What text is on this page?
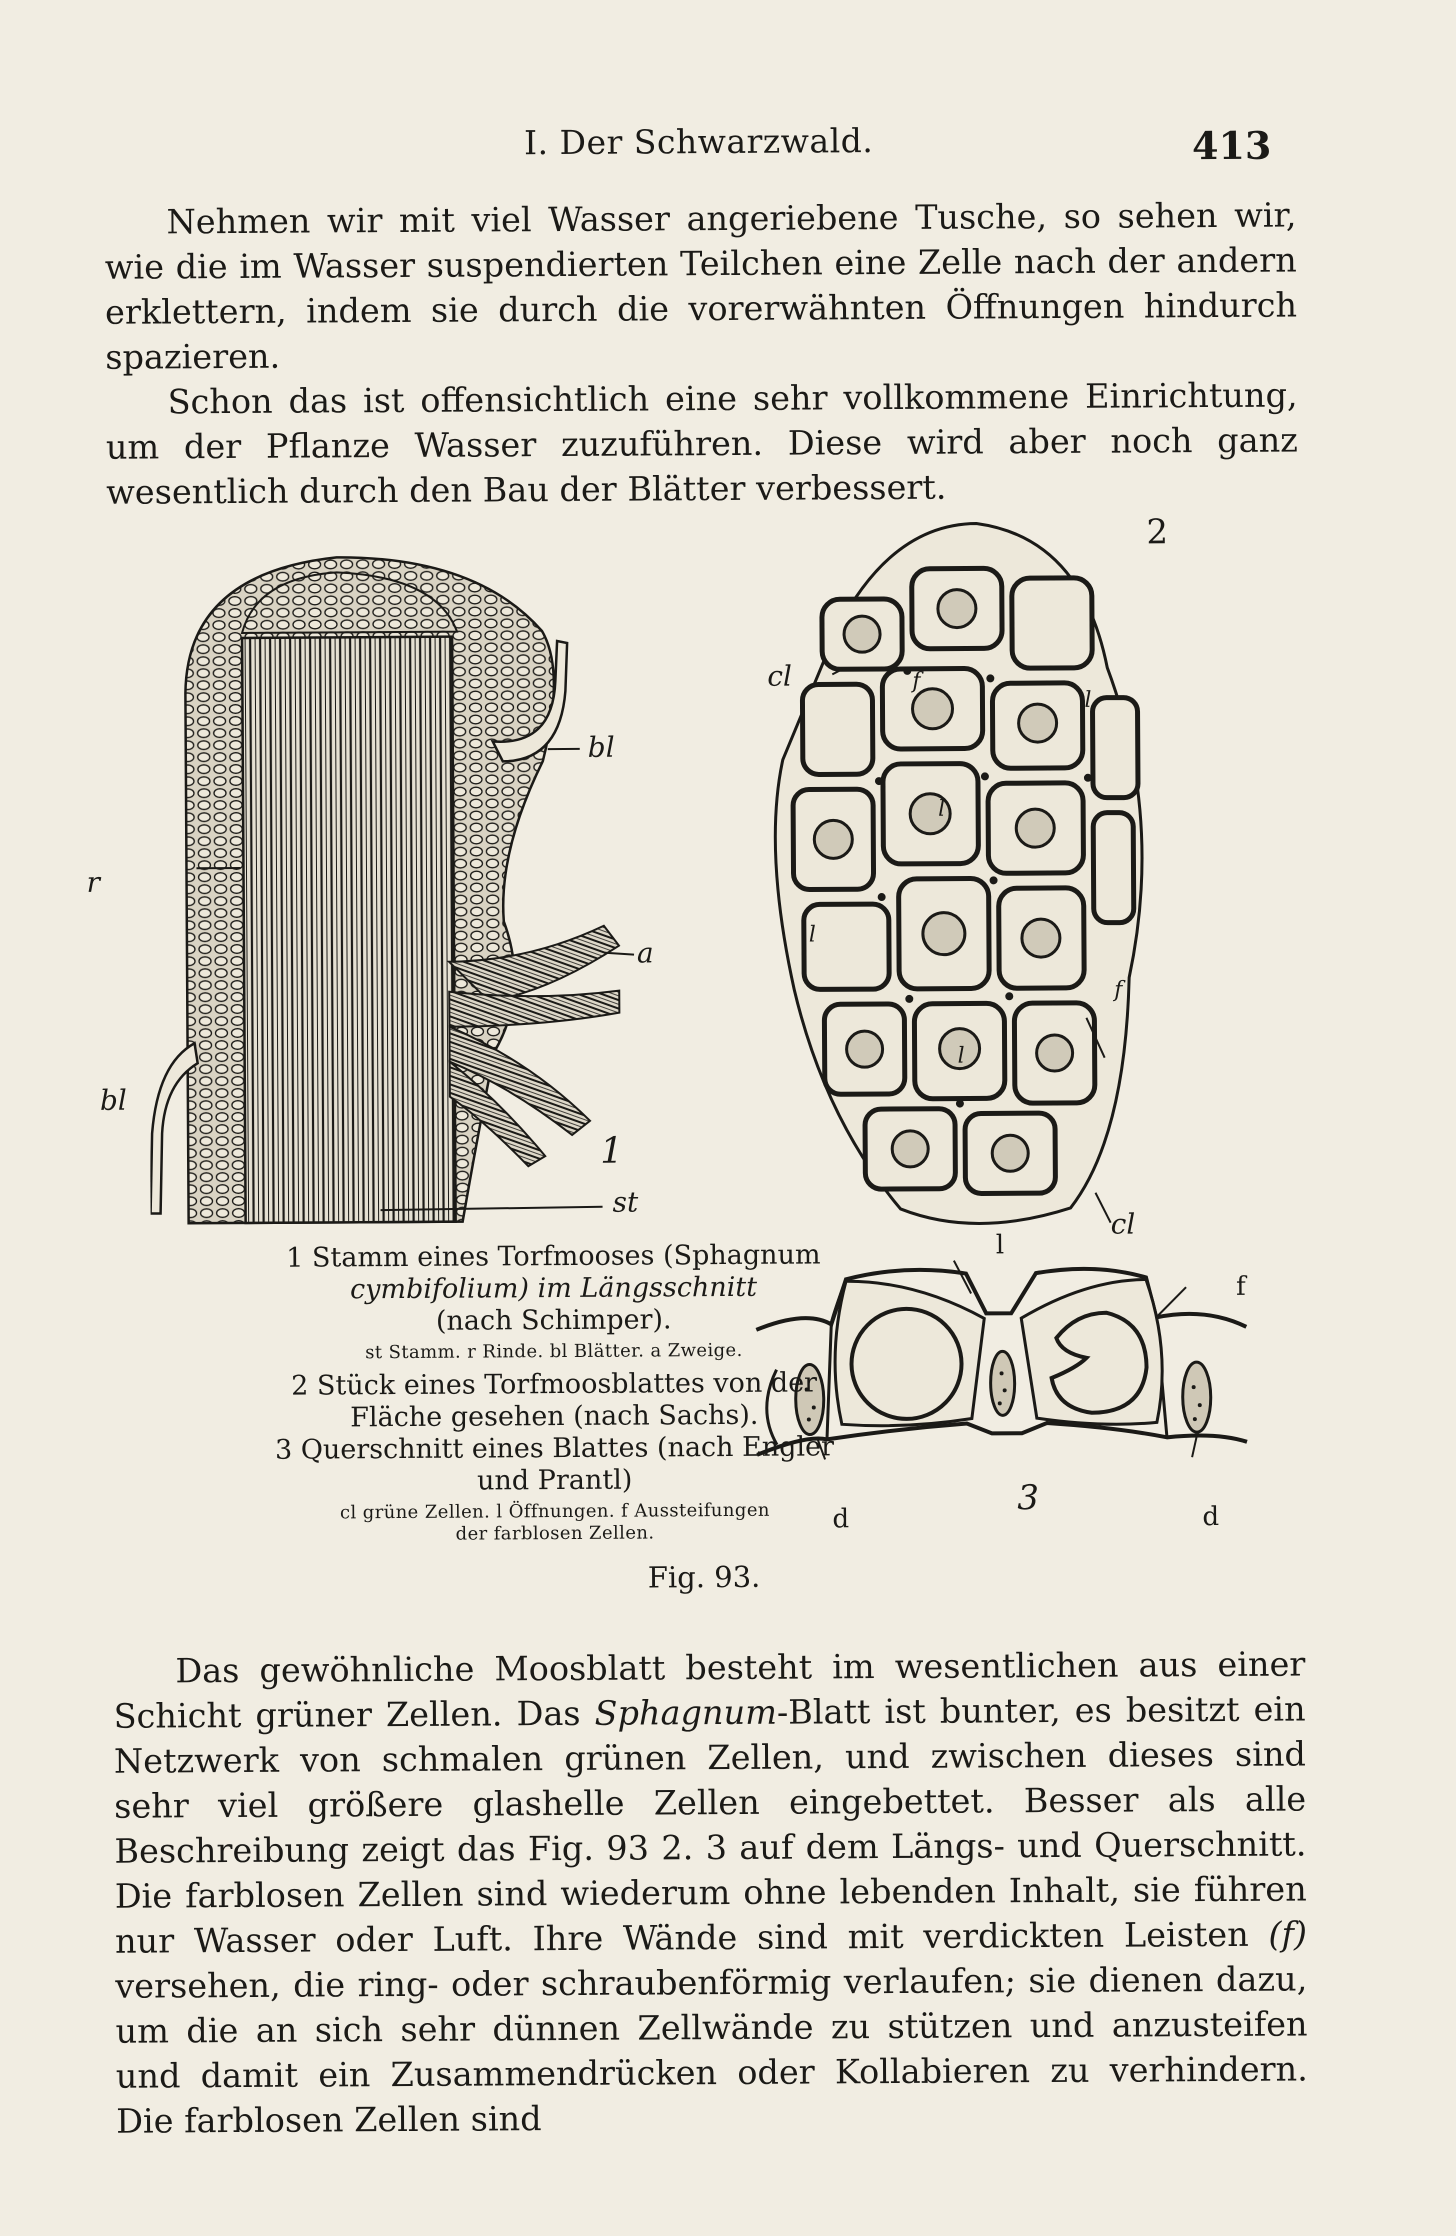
I. Der Schwarzwald.	413

Nehmen wir mit viel Wasser angeriebene Tusche, so sehen wir, wie die im Wasser suspendierten Teilchen eine Zelle nach der andern erklettern, indem sie durch die vorerwähnten Öffnungen hindurch spazieren.

Schon das ist offensichtlich eine sehr vollkommene Einrichtung, um der Pflanze Wasser zuzuführen. Diese wird aber noch ganz wesentlich durch den Bau der Blätter verbessert.

bl
r
a
bl
1
st
2
cl	f
l
l
l
f
l
cl
l
f
3
d	d

1 Stamm eines Torfmooses (Sphagnum

cymbifolium) im Längsschnitt

(nach Schimper).

st Stamm. r Rinde. bl Blätter. a Zweige.

2 Stück eines Torfmoosblattes von der

Fläche gesehen (nach Sachs).

3 Querschnitt eines Blattes (nach Engler

und Prantl)

cl grüne Zellen. l Öffnungen. f Aussteifungen

der farblosen Zellen.

Fig. 93.

Das gewöhnliche Moosblatt besteht im wesentlichen aus einer Schicht grüner Zellen. Das Sphagnum-Blatt ist bunter, es besitzt ein Netzwerk von schmalen grünen Zellen, und zwischen dieses sind sehr viel größere glashelle Zellen eingebettet. Besser als alle Beschreibung zeigt das Fig. 93 2. 3 auf dem Längs- und Querschnitt. Die farblosen Zellen sind wiederum ohne lebenden Inhalt, sie führen nur Wasser oder Luft. Ihre Wände sind mit verdickten Leisten (f) versehen, die ring- oder schraubenförmig verlaufen; sie dienen dazu, um die an sich sehr dünnen Zellwände zu stützen und anzusteifen und damit ein Zusammendrücken oder Kollabieren zu verhindern. Die farblosen Zellen sind
